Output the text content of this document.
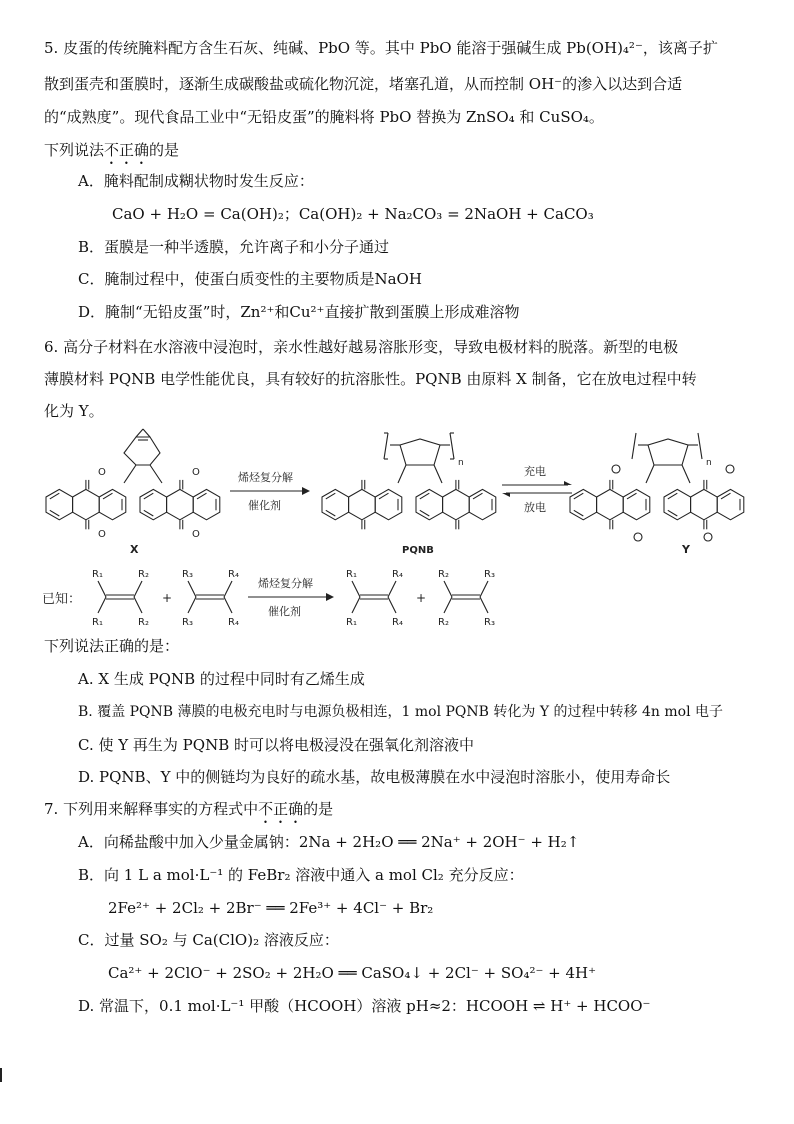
5. 皮蛋的传统腌料配方含生石灰、纯碱、PbO 等。其中 PbO 能溶于强碱生成 Pb(OH)₄²⁻，该离子扩
散到蛋壳和蛋膜时，逐渐生成碳酸盐或硫化物沉淀，堵塞孔道，从而控制 OH⁻的渗入以达到合适
的“成熟度”。现代食品工业中“无铅皮蛋”的腌料将 PbO 替换为 ZnSO₄ 和 CuSO₄。
下列说法不正确的是
A．腌料配制成糊状物时发生反应：
CaO + H₂O = Ca(OH)₂；Ca(OH)₂ + Na₂CO₃ = 2NaOH + CaCO₃
B．蛋膜是一种半透膜，允许离子和小分子通过
C．腌制过程中，使蛋白质变性的主要物质是NaOH
D．腌制“无铅皮蛋”时，Zn²⁺和Cu²⁺直接扩散到蛋膜上形成难溶物
6. 高分子材料在水溶液中浸泡时，亲水性越好越易溶胀形变，导致电极材料的脱落。新型的电极
薄膜材料 PQNB 电学性能优良，具有较好的抗溶胀性。PQNB 由原料 X 制备，它在放电过程中转
化为 Y。
O
O
O
O
X
烯烃复分解
催化剂
n
PQNB
充电
放电
n
Y
已知：
R₁	R₂
R₁	R₂
+
R₃	R₄
R₃	R₄
烯烃复分解
催化剂
R₁	R₄
R₁	R₄
+
R₂	R₃
R₂	R₃
下列说法正确的是：
A. X 生成 PQNB 的过程中同时有乙烯生成
B. 覆盖 PQNB 薄膜的电极充电时与电源负极相连，1 mol PQNB 转化为 Y 的过程中转移 4n mol 电子
C. 使 Y 再生为 PQNB 时可以将电极浸没在强氧化剂溶液中
D. PQNB、Y 中的侧链均为良好的疏水基，故电极薄膜在水中浸泡时溶胀小，使用寿命长
7. 下列用来解释事实的方程式中不正确的是
A．向稀盐酸中加入少量金属钠：2Na + 2H₂O ══ 2Na⁺ + 2OH⁻ + H₂↑
B．向 1 L a mol·L⁻¹ 的 FeBr₂ 溶液中通入 a mol Cl₂ 充分反应：
2Fe²⁺ + 2Cl₂ + 2Br⁻ ══ 2Fe³⁺ + 4Cl⁻ + Br₂
C．过量 SO₂ 与 Ca(ClO)₂ 溶液反应：
Ca²⁺ + 2ClO⁻ + 2SO₂ + 2H₂O ══ CaSO₄↓ + 2Cl⁻ + SO₄²⁻ + 4H⁺
D. 常温下，0.1 mol·L⁻¹ 甲酸（HCOOH）溶液 pH≈2：HCOOH ⇌ H⁺ + HCOO⁻
